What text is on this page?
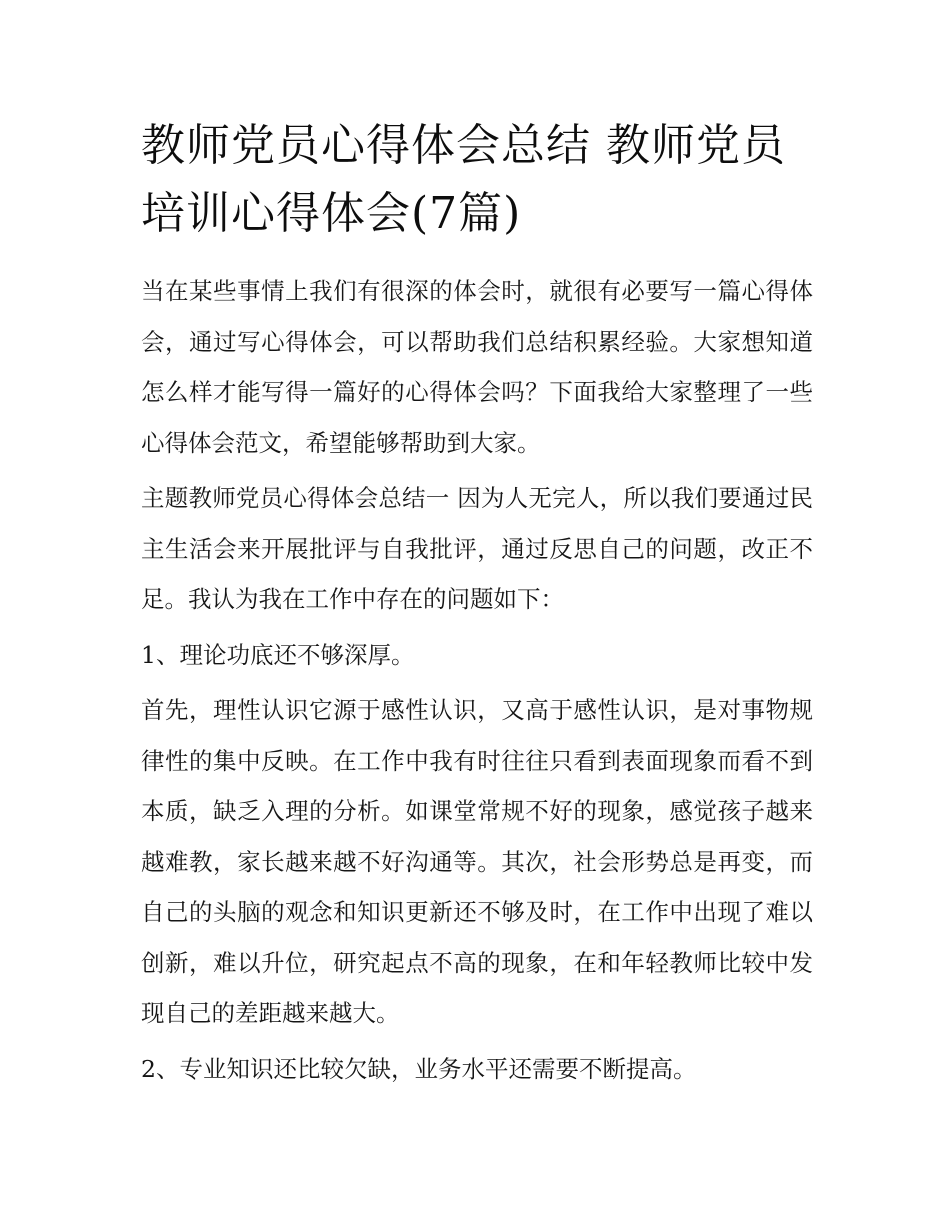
教师党员心得体会总结 教师党员培训心得体会(7篇)

当在某些事情上我们有很深的体会时，就很有必要写一篇心得体会，通过写心得体会，可以帮助我们总结积累经验。大家想知道怎么样才能写得一篇好的心得体会吗？下面我给大家整理了一些心得体会范文，希望能够帮助到大家。

主题教师党员心得体会总结一 因为人无完人，所以我们要通过民主生活会来开展批评与自我批评，通过反思自己的问题，改正不足。我认为我在工作中存在的问题如下：

1、理论功底还不够深厚。

首先，理性认识它源于感性认识，又高于感性认识，是对事物规律性的集中反映。在工作中我有时往往只看到表面现象而看不到本质，缺乏入理的分析。如课堂常规不好的现象，感觉孩子越来越难教，家长越来越不好沟通等。其次，社会形势总是再变，而自己的头脑的观念和知识更新还不够及时，在工作中出现了难以创新，难以升位，研究起点不高的现象，在和年轻教师比较中发现自己的差距越来越大。

2、专业知识还比较欠缺，业务水平还需要不断提高。
